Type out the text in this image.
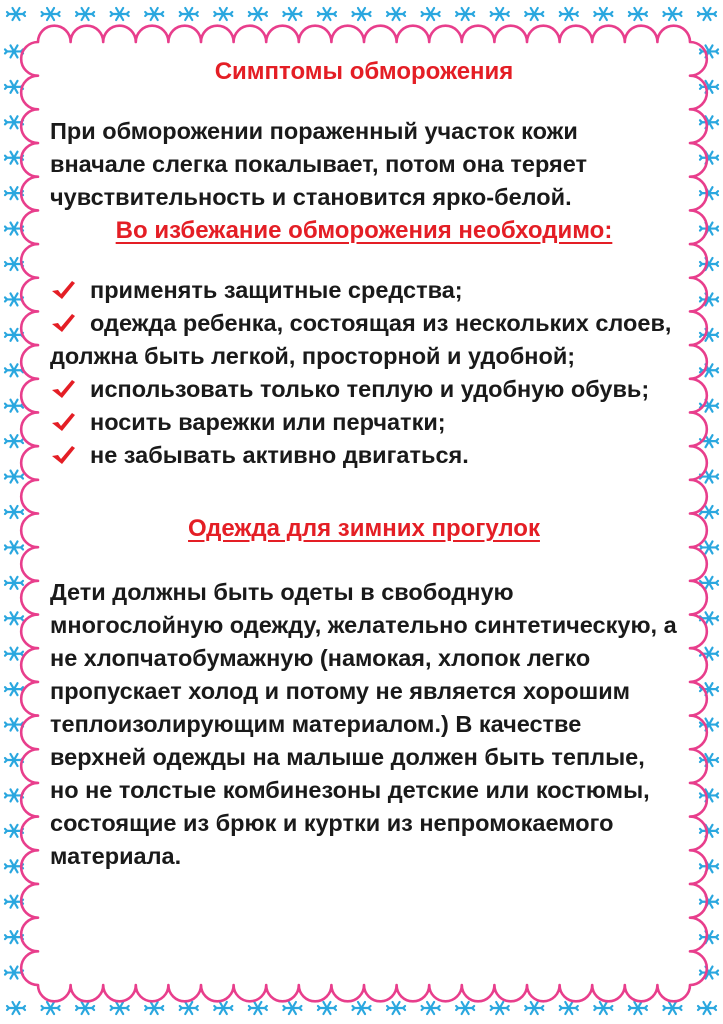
Симптомы обморожения

При обморожении пораженный участок кожи вначале слегка покалывает, потом она теряет чувствительность и становится ярко-белой.

Во избежание обморожения необходимо:

применять защитные средства;
одежда ребенка, состоящая из нескольких слоев, должна быть легкой, просторной и удобной;
использовать только теплую и удобную обувь;
носить варежки или перчатки;
не забывать активно двигаться.

Одежда для зимних прогулок

Дети должны быть одеты в свободную многослойную одежду, желательно синтетическую, а не хлопчатобумажную (намокая, хлопок легко пропускает холод и потому не является хорошим теплоизолирующим материалом.) В качестве верхней одежды на малыше должен быть теплые, но не толстые комбинезоны детские или костюмы, состоящие из брюк и куртки из непромокаемого материала.
